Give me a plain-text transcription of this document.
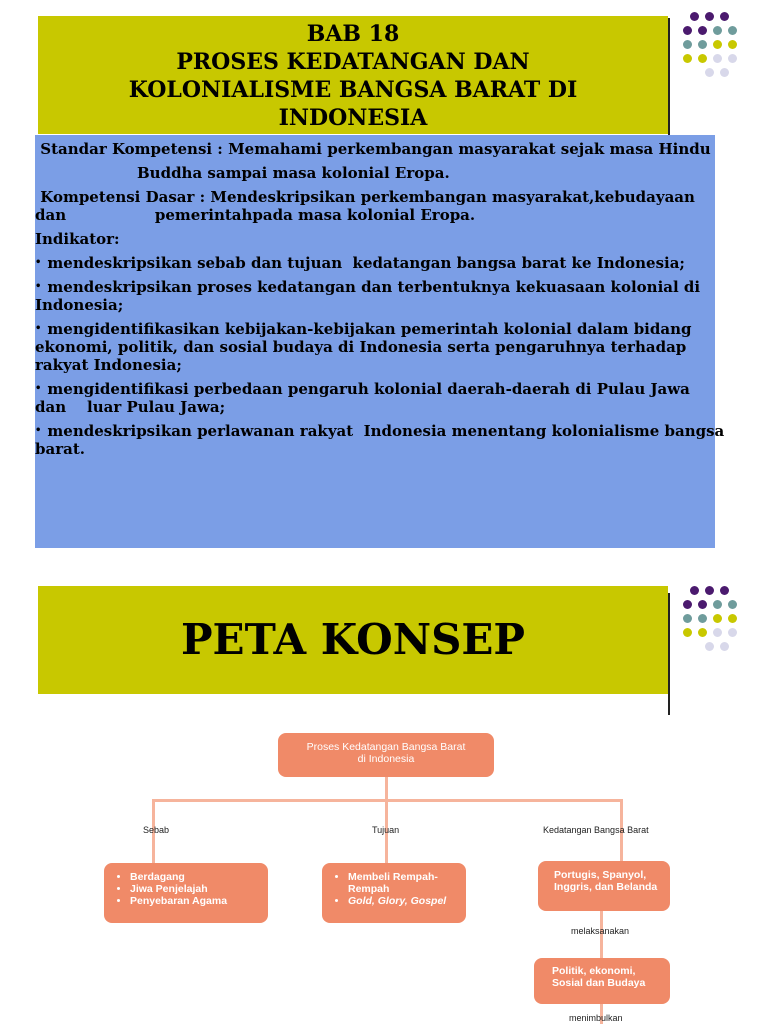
BAB 18
PROSES KEDATANGAN DAN
KOLONIALISME BANGSA BARAT DI
INDONESIA

Standar Kompetensi : Memahami perkembangan masyarakat sejak masa Hindu

Buddha sampai masa kolonial Eropa.

Kompetensi Dasar : Mendeskripsikan perkembangan masyarakat,kebudayaan dan                 pemerintahpada masa kolonial Eropa.

Indikator:

• mendeskripsikan sebab dan tujuan  kedatangan bangsa barat ke Indonesia;

• mendeskripsikan proses kedatangan dan terbentuknya kekuasaan kolonial di           Indonesia;

• mengidentifikasikan kebijakan-kebijakan pemerintah kolonial dalam bidang       ekonomi, politik, dan sosial budaya di Indonesia serta pengaruhnya terhadap          rakyat Indonesia;

• mengidentifikasi perbedaan pengaruh kolonial daerah-daerah di Pulau Jawa dan    luar Pulau Jawa;

• mendeskripsikan perlawanan rakyat  Indonesia menentang kolonialisme bangsa    barat.

PETA KONSEP
Proses Kedatangan Bangsa Barat
di Indonesia
Sebab	Tujuan	Kedatangan Bangsa Barat
melaksanakan
menimbulkan
• Berdagang
• Jiwa Penjelajah
• Penyebaran Agama
• Membeli Rempah-Rempah
• Gold, Glory, Gospel
Portugis, Spanyol, Inggris, dan Belanda
Politik, ekonomi, Sosial dan Budaya
